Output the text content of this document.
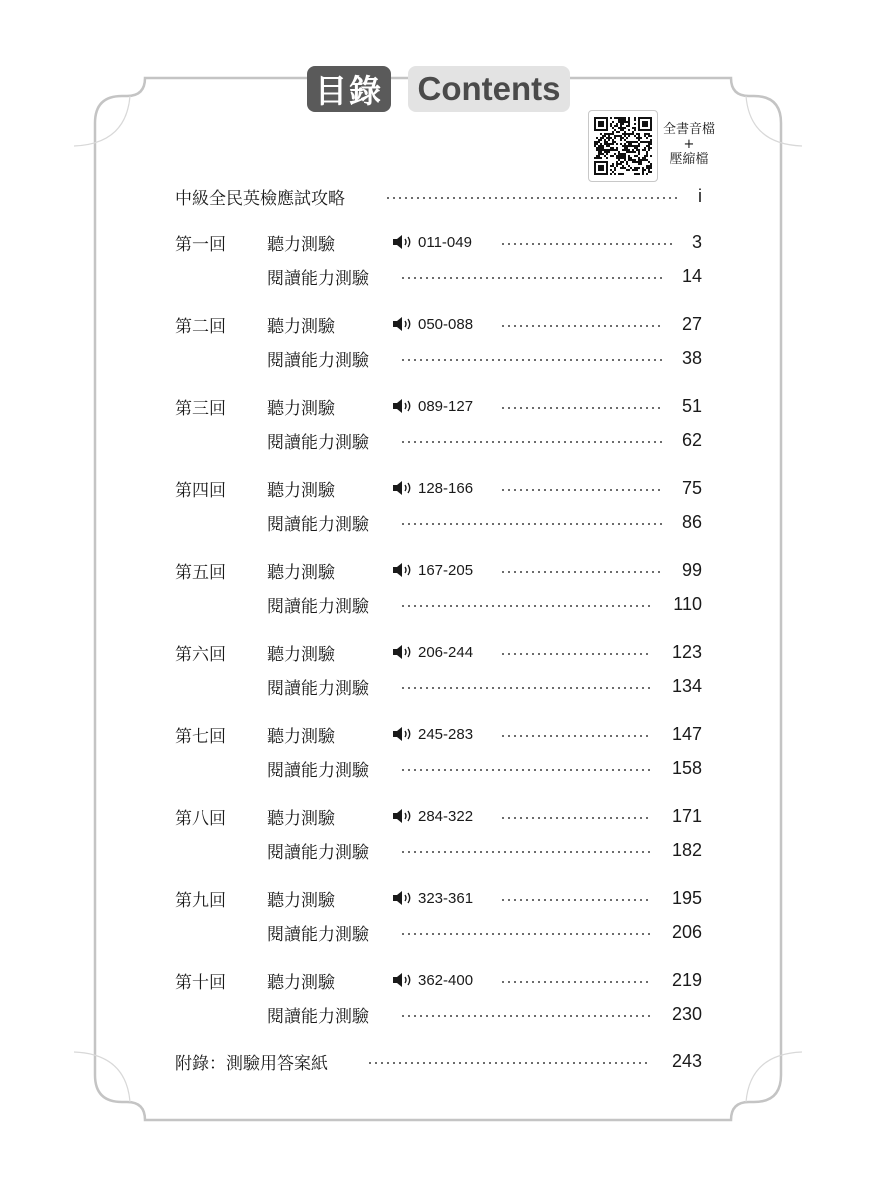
目錄 Contents
全書音檔
+
壓縮檔
中級全民英檢應試攻略	i
第一回 聽力測驗	011-049	3
閱讀能力測驗	14
第二回 聽力測驗	050-088	27
閱讀能力測驗	38
第三回 聽力測驗	089-127	51
閱讀能力測驗	62
第四回 聽力測驗	128-166	75
閱讀能力測驗	86
第五回 聽力測驗	167-205	99
閱讀能力測驗	110
第六回 聽力測驗	206-244	123
閱讀能力測驗	134
第七回 聽力測驗	245-283	147
閱讀能力測驗	158
第八回 聽力測驗	284-322	171
閱讀能力測驗	182
第九回 聽力測驗	323-361	195
閱讀能力測驗	206
第十回 聽力測驗	362-400	219
閱讀能力測驗	230
附錄：測驗用答案紙	243
